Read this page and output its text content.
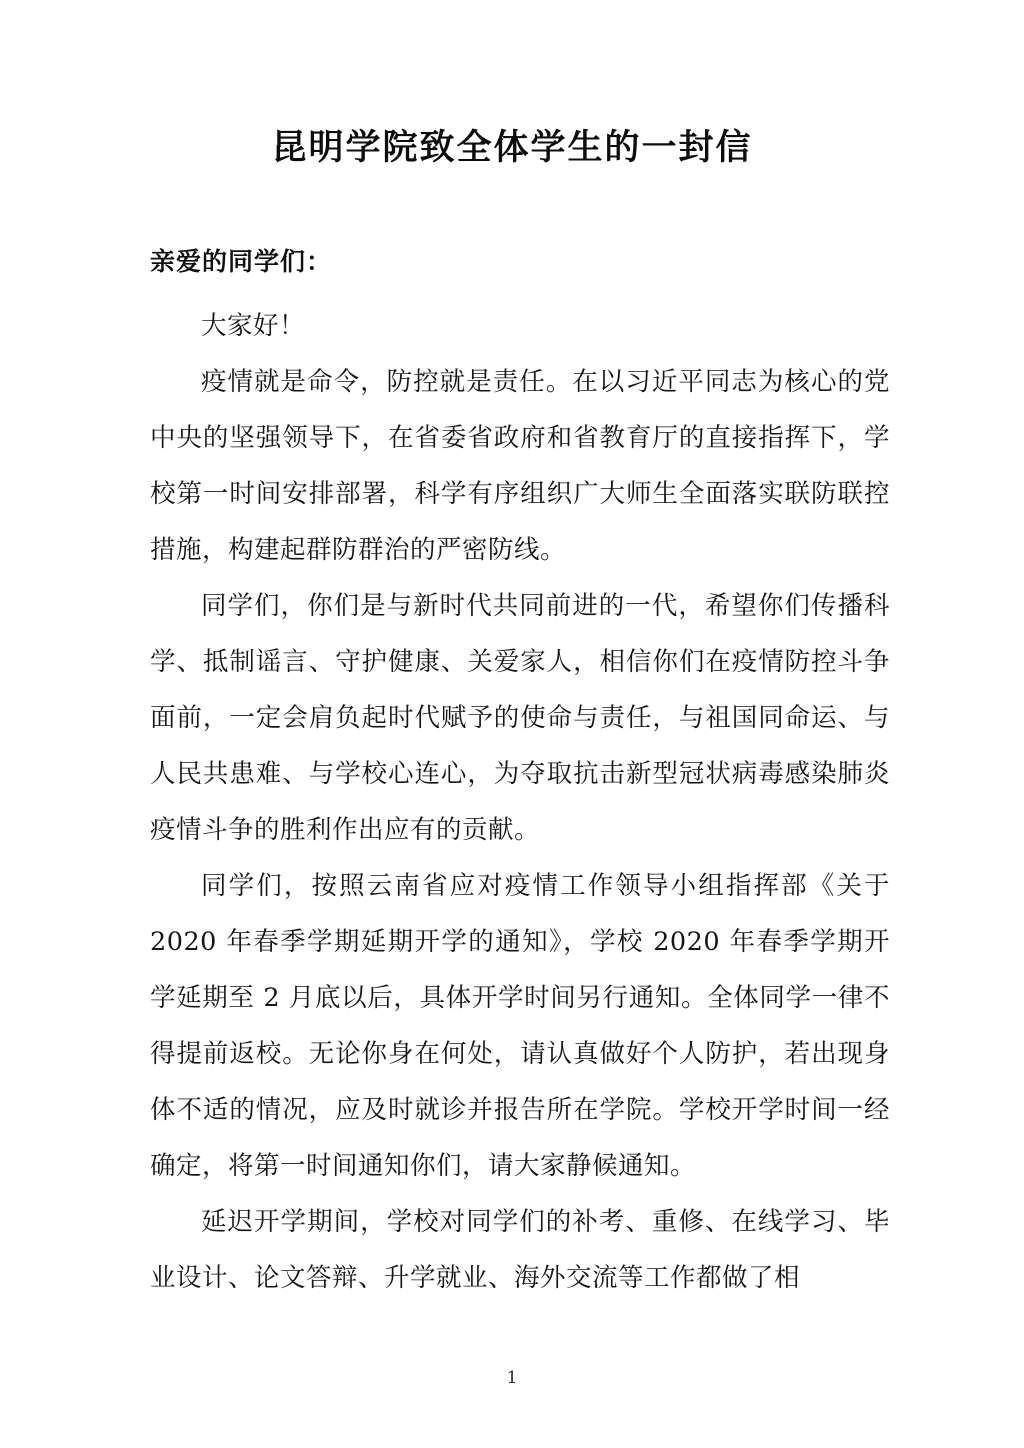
昆明学院致全体学生的一封信
亲爱的同学们：

大家好！

疫情就是命令，防控就是责任。在以习近平同志为核心的党中央的坚强领导下，在省委省政府和省教育厅的直接指挥下，学校第一时间安排部署，科学有序组织广大师生全面落实联防联控措施，构建起群防群治的严密防线。

同学们，你们是与新时代共同前进的一代，希望你们传播科学、抵制谣言、守护健康、关爱家人，相信你们在疫情防控斗争面前，一定会肩负起时代赋予的使命与责任，与祖国同命运、与人民共患难、与学校心连心，为夺取抗击新型冠状病毒感染肺炎疫情斗争的胜利作出应有的贡献。

同学们，按照云南省应对疫情工作领导小组指挥部《关于 2020 年春季学期延期开学的通知》，学校 2020 年春季学期开学延期至 2 月底以后，具体开学时间另行通知。全体同学一律不得提前返校。无论你身在何处，请认真做好个人防护，若出现身体不适的情况，应及时就诊并报告所在学院。学校开学时间一经确定，将第一时间通知你们，请大家静候通知。

延迟开学期间，学校对同学们的补考、重修、在线学习、毕业设计、论文答辩、升学就业、海外交流等工作都做了相

1
